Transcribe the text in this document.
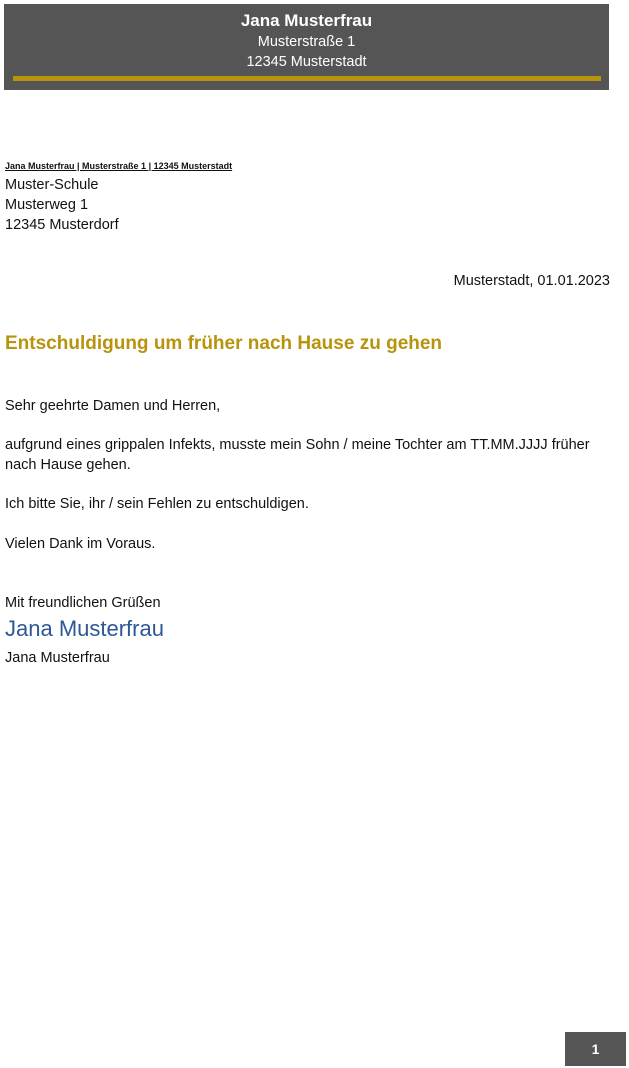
Jana Musterfrau
Musterstraße 1
12345 Musterstadt
Jana Musterfrau | Musterstraße 1 | 12345 Musterstadt
Muster-Schule
Musterweg 1
12345 Musterdorf
Musterstadt, 01.01.2023
Entschuldigung um früher nach Hause zu gehen
Sehr geehrte Damen und Herren,
aufgrund eines grippalen Infekts, musste mein Sohn / meine Tochter am TT.MM.JJJJ früher nach Hause gehen.
Ich bitte Sie, ihr / sein Fehlen zu entschuldigen.
Vielen Dank im Voraus.
Mit freundlichen Grüßen
Jana Musterfrau
Jana Musterfrau
1
